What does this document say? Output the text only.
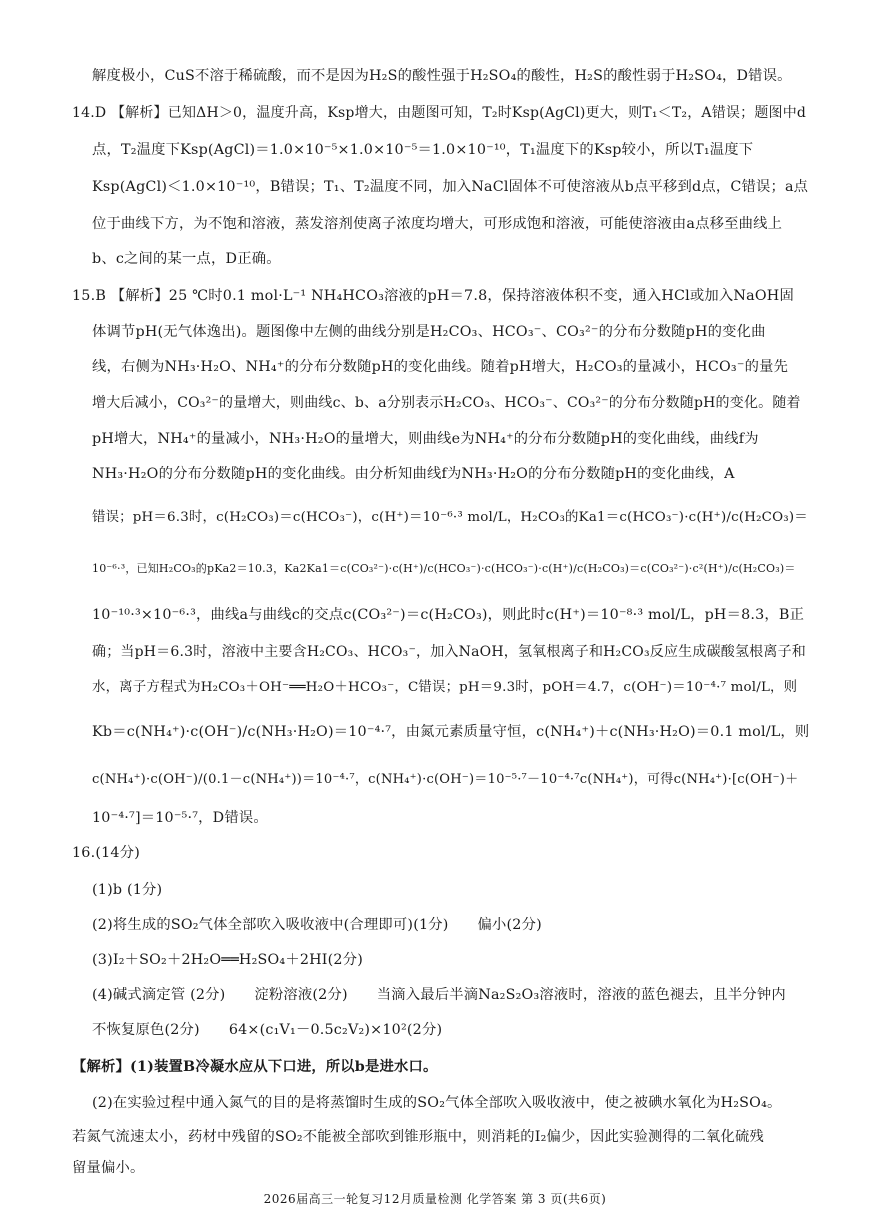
解度极小，CuS不溶于稀硫酸，而不是因为H₂S的酸性强于H₂SO₄的酸性，H₂S的酸性弱于H₂SO₄，D错误。
14.D 【解析】已知ΔH＞0，温度升高，Ksp增大，由题图可知，T₂时Ksp(AgCl)更大，则T₁＜T₂，A错误；题图中d
点，T₂温度下Ksp(AgCl)＝1.0×10⁻⁵×1.0×10⁻⁵＝1.0×10⁻¹⁰，T₁温度下的Ksp较小，所以T₁温度下
Ksp(AgCl)＜1.0×10⁻¹⁰，B错误；T₁、T₂温度不同，加入NaCl固体不可使溶液从b点平移到d点，C错误；a点
位于曲线下方，为不饱和溶液，蒸发溶剂使离子浓度均增大，可形成饱和溶液，可能使溶液由a点移至曲线上
b、c之间的某一点，D正确。
15.B 【解析】25 ℃时0.1 mol·L⁻¹ NH₄HCO₃溶液的pH＝7.8，保持溶液体积不变，通入HCl或加入NaOH固
体调节pH(无气体逸出)。题图像中左侧的曲线分别是H₂CO₃、HCO₃⁻、CO₃²⁻的分布分数随pH的变化曲
线，右侧为NH₃·H₂O、NH₄⁺的分布分数随pH的变化曲线。随着pH增大，H₂CO₃的量减小，HCO₃⁻的量先
增大后减小，CO₃²⁻的量增大，则曲线c、b、a分别表示H₂CO₃、HCO₃⁻、CO₃²⁻的分布分数随pH的变化。随着
pH增大，NH₄⁺的量减小，NH₃·H₂O的量增大，则曲线e为NH₄⁺的分布分数随pH的变化曲线，曲线f为
NH₃·H₂O的分布分数随pH的变化曲线。由分析知曲线f为NH₃·H₂O的分布分数随pH的变化曲线，A
错误；pH＝6.3时，c(H₂CO₃)＝c(HCO₃⁻)，c(H⁺)＝10⁻⁶·³ mol/L，H₂CO₃的Ka1＝c(HCO₃⁻)·c(H⁺)/c(H₂CO₃)＝
10⁻⁶·³，已知H₂CO₃的pKa2＝10.3，Ka2Ka1＝c(CO₃²⁻)·c(H⁺)/c(HCO₃⁻)·c(HCO₃⁻)·c(H⁺)/c(H₂CO₃)＝c(CO₃²⁻)·c²(H⁺)/c(H₂CO₃)＝
10⁻¹⁰·³×10⁻⁶·³，曲线a与曲线c的交点c(CO₃²⁻)＝c(H₂CO₃)，则此时c(H⁺)＝10⁻⁸·³ mol/L，pH＝8.3，B正
确；当pH＝6.3时，溶液中主要含H₂CO₃、HCO₃⁻，加入NaOH，氢氧根离子和H₂CO₃反应生成碳酸氢根离子和
水，离子方程式为H₂CO₃＋OH⁻══H₂O＋HCO₃⁻，C错误；pH＝9.3时，pOH＝4.7，c(OH⁻)＝10⁻⁴·⁷ mol/L，则
Kb＝c(NH₄⁺)·c(OH⁻)/c(NH₃·H₂O)＝10⁻⁴·⁷，由氮元素质量守恒，c(NH₄⁺)＋c(NH₃·H₂O)＝0.1 mol/L，则
c(NH₄⁺)·c(OH⁻)/(0.1－c(NH₄⁺))＝10⁻⁴·⁷，c(NH₄⁺)·c(OH⁻)＝10⁻⁵·⁷－10⁻⁴·⁷c(NH₄⁺)，可得c(NH₄⁺)·[c(OH⁻)＋
10⁻⁴·⁷]＝10⁻⁵·⁷，D错误。
16.(14分)
(1)b (1分)
(2)将生成的SO₂气体全部吹入吸收液中(合理即可)(1分)　　偏小(2分)
(3)I₂＋SO₂＋2H₂O══H₂SO₄＋2HI(2分)
(4)碱式滴定管 (2分)　　淀粉溶液(2分)　　当滴入最后半滴Na₂S₂O₃溶液时，溶液的蓝色褪去，且半分钟内
不恢复原色(2分)　　64×(c₁V₁－0.5c₂V₂)×10²(2分)
【解析】(1)装置B冷凝水应从下口进，所以b是进水口。
(2)在实验过程中通入氮气的目的是将蒸馏时生成的SO₂气体全部吹入吸收液中，使之被碘水氧化为H₂SO₄。
若氮气流速太小，药材中残留的SO₂不能被全部吹到锥形瓶中，则消耗的I₂偏少，因此实验测得的二氧化硫残
留量偏小。
2026届高三一轮复习12月质量检测 化学答案 第 3 页(共6页)
